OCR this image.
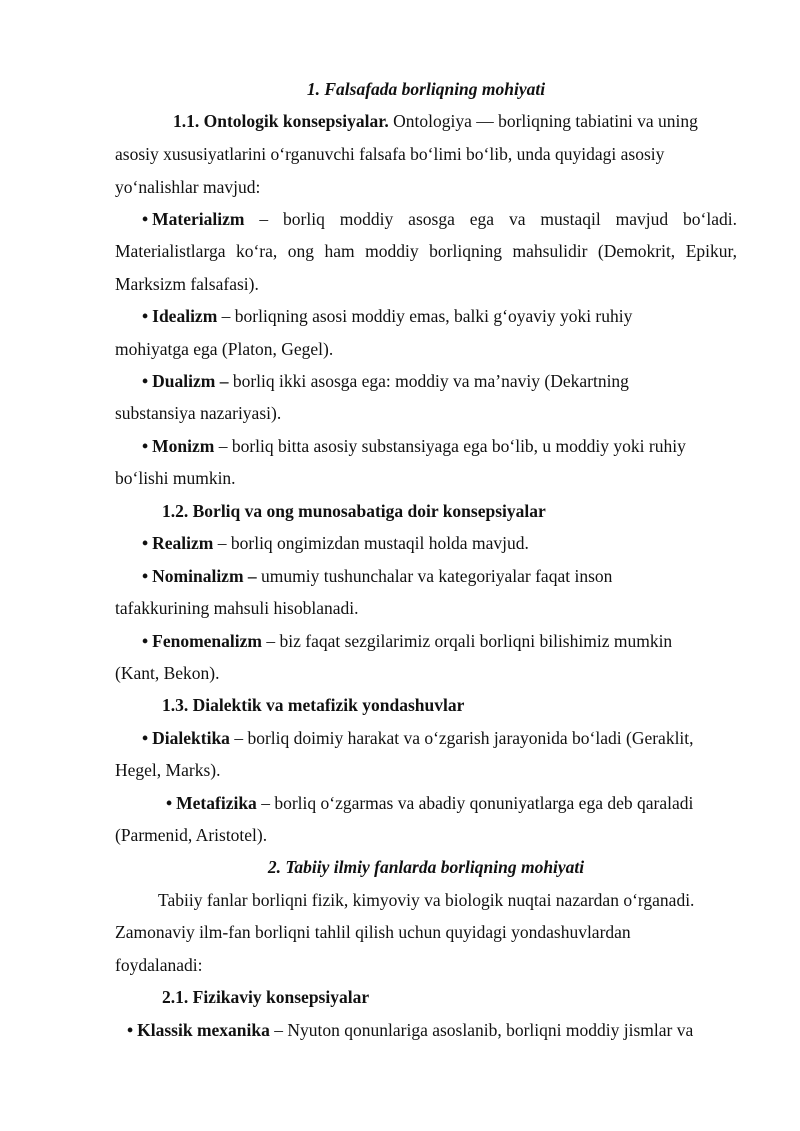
1. Falsafada borliqning mohiyati
1.1. Ontologik konsepsiyalar. Ontologiya — borliqning tabiatini va uning
asosiy xususiyatlarini o‘rganuvchi falsafa bo‘limi bo‘lib, unda quyidagi asosiy
yo‘nalishlar mavjud:
• Materializm – borliq moddiy asosga ega va mustaqil mavjud bo‘ladi.
Materialistlarga ko‘ra, ong ham moddiy borliqning mahsulidir (Demokrit, Epikur,
Marksizm falsafasi).
• Idealizm – borliqning asosi moddiy emas, balki g‘oyaviy yoki ruhiy
mohiyatga ega (Platon, Gegel).
• Dualizm – borliq ikki asosga ega: moddiy va ma’naviy (Dekartning
substansiya nazariyasi).
• Monizm – borliq bitta asosiy substansiyaga ega bo‘lib, u moddiy yoki ruhiy
bo‘lishi mumkin.
1.2. Borliq va ong munosabatiga doir konsepsiyalar
• Realizm – borliq ongimizdan mustaqil holda mavjud.
• Nominalizm – umumiy tushunchalar va kategoriyalar faqat inson
tafakkurining mahsuli hisoblanadi.
• Fenomenalizm – biz faqat sezgilarimiz orqali borliqni bilishimiz mumkin
(Kant, Bekon).
1.3. Dialektik va metafizik yondashuvlar
• Dialektika – borliq doimiy harakat va o‘zgarish jarayonida bo‘ladi (Geraklit,
Hegel, Marks).
• Metafizika – borliq o‘zgarmas va abadiy qonuniyatlarga ega deb qaraladi
(Parmenid, Aristotel).
2. Tabiiy ilmiy fanlarda borliqning mohiyati
Tabiiy fanlar borliqni fizik, kimyoviy va biologik nuqtai nazardan o‘rganadi.
Zamonaviy ilm-fan borliqni tahlil qilish uchun quyidagi yondashuvlardan
foydalanadi:
2.1. Fizikaviy konsepsiyalar
• Klassik mexanika – Nyuton qonunlariga asoslanib, borliqni moddiy jismlar va
